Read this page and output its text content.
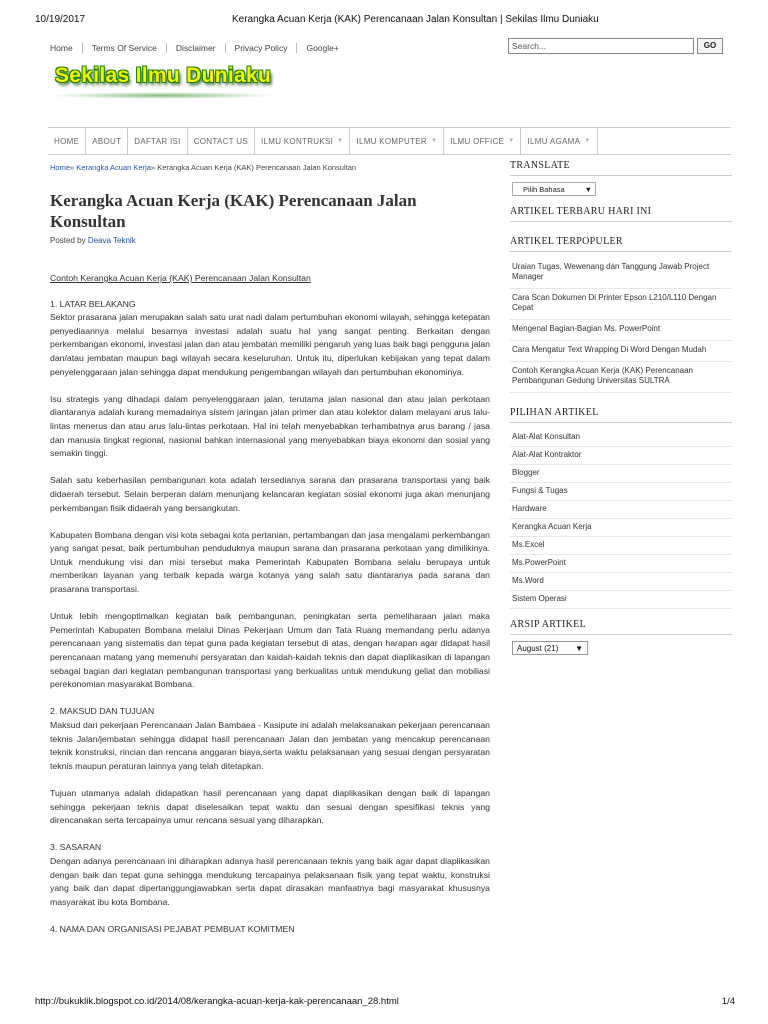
10/19/2017	Kerangka Acuan Kerja (KAK) Perencanaan Jalan Konsultan | Sekilas Ilmu Duniaku
Home	Terms Of Service	Disclaimer	Privacy Policy	Google+	Search...	GO
Sekilas Ilmu Duniaku
HOME ABOUT DAFTAR ISI CONTACT US ILMU KONTRUKSI ▼ ILMU KOMPUTER ▼ ILMU OFFICE ▼ ILMU AGAMA ▼
Home» Kerangka Acuan Kerja» Kerangka Acuan Kerja (KAK) Perencanaan Jalan Konsultan
Kerangka Acuan Kerja (KAK) Perencanaan Jalan Konsultan
Posted by Deava Teknik
Contoh Kerangka Acuan Kerja (KAK) Perencanaan Jalan Konsultan
1. LATAR BELAKANG

Sektor prasarana jalan merupakan salah satu urat nadi dalam pertumbuhan ekonomi wilayah, sehingga ketepatan penyediaannya melalui besarnya investasi adalah suatu hal yang sangat penting. Berkaitan dengan perkembangan ekonomi, investasi jalan dan atau jembatan memiliki pengaruh yang luas baik bagi pengguna jalan dan/atau jembatan maupun bagi wilayah secara keseluruhan. Untuk itu, diperlukan kebijakan yang tepat dalam penyelenggaraan jalan sehingga dapat mendukung pengembangan wilayah dan pertumbuhan ekonominya.

Isu strategis yang dihadapi dalam penyelenggaraan jalan, terutama jalan nasional dan atau jalan perkotaan diantaranya adalah kurang memadainya sistem jaringan jalan primer dan atau kolektor dalam melayani arus lalu-lintas menerus dan atau arus lalu-lintas perkotaan. Hal ini telah menyebabkan terhambatnya arus barang / jasa dan manusia tingkat regional, nasional bahkan internasional yang menyebabkan biaya ekonomi dan sosial yang semakin tinggi.

Salah satu keberhasilan pembangunan kota adalah tersedianya sarana dan prasarana transportasi yang baik didaerah tersebut. Selain berperan dalam menunjang kelancaran kegiatan sosial ekonomi juga akan menunjang perkembangan fisik didaerah yang bersangkutan.

Kabupaten Bombana dengan visi kota sebagai kota pertanian, pertambangan dan jasa mengalami perkembangan yang sangat pesat, baik pertumbuhan penduduknya maupun sarana dan prasarana perkotaan yang dimilikinya. Untuk mendukung visi dan misi tersebut maka Pemerintah Kabupaten Bombana selalu berupaya untuk memberikan layanan yang terbaik kepada warga kotanya yang salah satu diantaranya pada sarana dan prasarana transportasi.

Untuk lebih mengoptimalkan kegiatan baik pembangunan, peningkatan serta pemeliharaan jalan maka Pemerintah Kabupaten Bombana melalui Dinas Pekerjaan Umum dan Tata Ruang memandang perlu adanya perencanaan yang sistematis dan tepat guna pada kegiatan tersebut di atas, dengan harapan agar didapat hasil perencanaan matang yang memenuhi persyaratan dan kaidah-kaidah teknis dan dapat diaplikasikan di lapangan sebagai bagian dari kegiatan pembangunan transportasi yang berkualitas untuk mendukung geliat dan mobiliasi perekonomian masyarakat Bombana.

2. MAKSUD DAN TUJUAN

Maksud dari pekerjaan Perencanaan Jalan Bambaea - Kasipute ini adalah melaksanakan pekerjaan perencanaan teknis Jalan/jembatan sehingga didapat hasil perencanaan Jalan dan jembatan yang mencakup perencanaan teknik konstruksi, rincian dan rencana anggaran biaya,serta waktu pelaksanaan yang sesuai dengan persyaratan teknis maupun peraturan lainnya yang telah ditetapkan.

Tujuan utamanya adalah didapatkan hasil perencanaan yang dapat diaplikasikan dengan baik di lapangan sehingga pekerjaan teknis dapat diselesaikan tepat waktu dan sesuai dengan spesifikasi teknis yang direncanakan serta tercapainya umur rencana sesuai yang diharapkan.

3. SASARAN

Dengan adanya perencanaan ini diharapkan adanya hasil perencanaan teknis yang baik agar dapat diaplikasikan dengan baik dan tepat guna sehingga mendukung tercapainya pelaksanaan fisik yang tepat waktu, konstruksi yang baik dan dapat dipertanggungjawabkan serta dapat dirasakan manfaatnya bagi masyarakat khususnya masyarakat ibu kota Bombana.

4. NAMA DAN ORGANISASI PEJABAT PEMBUAT KOMITMEN
TRANSLATE
Pilih Bahasa	▼
ARTIKEL TERBARU HARI INI
ARTIKEL TERPOPULER
Uraian Tugas, Wewenang dan Tanggung Jawab Project Manager
Cara Scan Dokumen Di Printer Epson L210/L110 Dengan Cepat
Mengenal Bagian-Bagian Ms. PowerPoint
Cara Mengatur Text Wrapping Di Word Dengan Mudah
Contoh Kerangka Acuan Kerja (KAK) Perencanaan Pembangunan Gedung Universitas SULTRA
PILIHAN ARTIKEL
Alat-Alat Konsultan
Alat-Alat Kontraktor
Blogger
Fungsi & Tugas
Hardware
Kerangka Acuan Kerja
Ms.Excel
Ms.PowerPoint
Ms.Word
Sistem Operasi
ARSIP ARTIKEL
August (21) ▼
http://bukuklik.blogspot.co.id/2014/08/kerangka-acuan-kerja-kak-perencanaan_28.html	1/4
